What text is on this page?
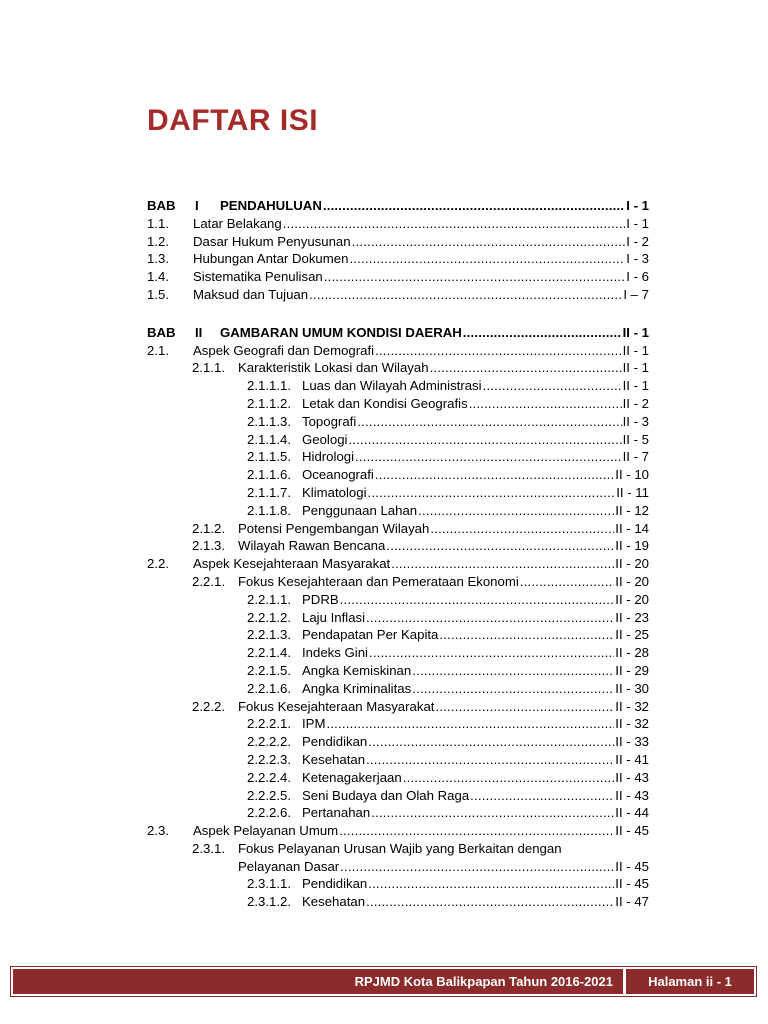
DAFTAR ISI
BAB	I	PENDAHULUAN .....	I - 1
1.1.	Latar Belakang .....	I - 1
1.2.	Dasar Hukum Penyusunan .....	I - 2
1.3.	Hubungan Antar Dokumen .....	I - 3
1.4.	Sistematika Penulisan .....	I - 6
1.5.	Maksud dan Tujuan .....	I – 7
BAB	II	GAMBARAN UMUM KONDISI DAERAH .....	II - 1
2.1.	Aspek Geografi dan Demografi .....	II - 1
2.1.1. Karakteristik Lokasi dan Wilayah .....	II - 1
2.1.1.1. Luas dan Wilayah Administrasi .....	II - 1
2.1.1.2. Letak dan Kondisi Geografis .....	II - 2
2.1.1.3. Topografi .....	II - 3
2.1.1.4. Geologi .....	II - 5
2.1.1.5. Hidrologi .....	II - 7
2.1.1.6. Oceanografi .....	II - 10
2.1.1.7. Klimatologi .....	II - 11
2.1.1.8. Penggunaan Lahan .....	II - 12
2.1.2. Potensi Pengembangan Wilayah .....	II - 14
2.1.3. Wilayah Rawan Bencana .....	II - 19
2.2.	Aspek Kesejahteraan Masyarakat .....	II - 20
2.2.1. Fokus Kesejahteraan dan Pemerataan Ekonomi .....	II - 20
2.2.1.1. PDRB .....	II - 20
2.2.1.2. Laju Inflasi .....	II - 23
2.2.1.3. Pendapatan Per Kapita .....	II - 25
2.2.1.4. Indeks Gini .....	II - 28
2.2.1.5. Angka Kemiskinan .....	II - 29
2.2.1.6. Angka Kriminalitas .....	II - 30
2.2.2. Fokus Kesejahteraan Masyarakat .....	II - 32
2.2.2.1. IPM .....	II - 32
2.2.2.2. Pendidikan .....	II - 33
2.2.2.3. Kesehatan .....	II - 41
2.2.2.4. Ketenagakerjaan .....	II - 43
2.2.2.5. Seni Budaya dan Olah Raga .....	II - 43
2.2.2.6. Pertanahan .....	II - 44
2.3.	Aspek Pelayanan Umum .....	II - 45
2.3.1. Fokus Pelayanan Urusan Wajib yang Berkaitan dengan
Pelayanan Dasar .....	II - 45
2.3.1.1. Pendidikan .....	II - 45
2.3.1.2. Kesehatan .....	II - 47
RPJMD Kota Balikpapan Tahun 2016-2021	Halaman ii - 1
